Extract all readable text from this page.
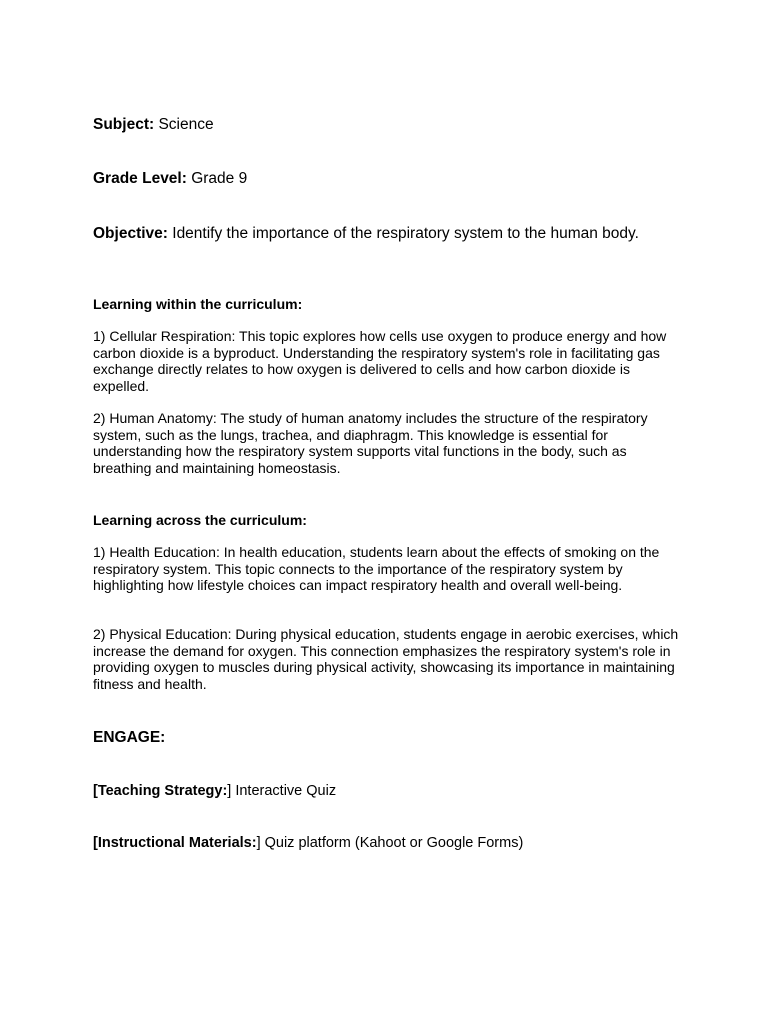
Subject: Science
Grade Level: Grade 9
Objective: Identify the importance of the respiratory system to the human body.
Learning within the curriculum:
1) Cellular Respiration: This topic explores how cells use oxygen to produce energy and how carbon dioxide is a byproduct. Understanding the respiratory system's role in facilitating gas exchange directly relates to how oxygen is delivered to cells and how carbon dioxide is expelled.
2) Human Anatomy: The study of human anatomy includes the structure of the respiratory system, such as the lungs, trachea, and diaphragm. This knowledge is essential for understanding how the respiratory system supports vital functions in the body, such as breathing and maintaining homeostasis.
Learning across the curriculum:
1) Health Education: In health education, students learn about the effects of smoking on the respiratory system. This topic connects to the importance of the respiratory system by highlighting how lifestyle choices can impact respiratory health and overall well-being.
2) Physical Education: During physical education, students engage in aerobic exercises, which increase the demand for oxygen. This connection emphasizes the respiratory system's role in providing oxygen to muscles during physical activity, showcasing its importance in maintaining fitness and health.
ENGAGE:
[Teaching Strategy:] Interactive Quiz
[Instructional Materials:] Quiz platform (Kahoot or Google Forms)
